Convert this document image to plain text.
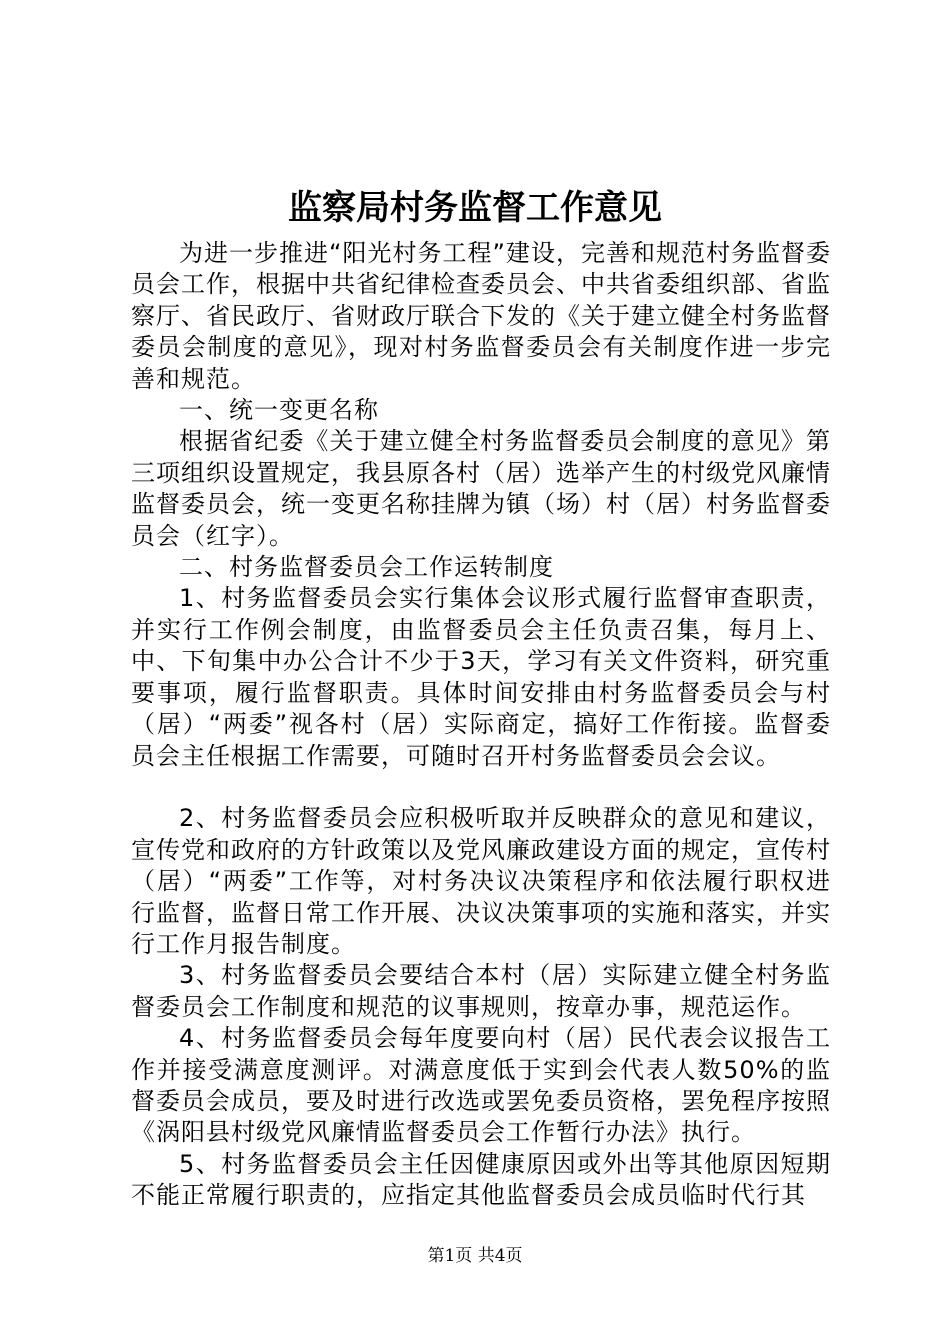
监察局村务监督工作意见

为进一步推进“阳光村务工程”建设，完善和规范村务监督委员会工作，根据中共省纪律检查委员会、中共省委组织部、省监察厅、省民政厅、省财政厅联合下发的《关于建立健全村务监督委员会制度的意见》，现对村务监督委员会有关制度作进一步完善和规范。

一、统一变更名称

根据省纪委《关于建立健全村务监督委员会制度的意见》第三项组织设置规定，我县原各村（居）选举产生的村级党风廉情监督委员会，统一变更名称挂牌为镇（场）村（居）村务监督委员会（红字）。

二、村务监督委员会工作运转制度

1、村务监督委员会实行集体会议形式履行监督审查职责，并实行工作例会制度，由监督委员会主任负责召集，每月上、中、下旬集中办公合计不少于3天，学习有关文件资料，研究重要事项，履行监督职责。具体时间安排由村务监督委员会与村（居）“两委”视各村（居）实际商定，搞好工作衔接。监督委员会主任根据工作需要，可随时召开村务监督委员会会议。

2、村务监督委员会应积极听取并反映群众的意见和建议，宣传党和政府的方针政策以及党风廉政建设方面的规定，宣传村（居）“两委”工作等，对村务决议决策程序和依法履行职权进行监督，监督日常工作开展、决议决策事项的实施和落实，并实行工作月报告制度。

3、村务监督委员会要结合本村（居）实际建立健全村务监督委员会工作制度和规范的议事规则，按章办事，规范运作。

4、村务监督委员会每年度要向村（居）民代表会议报告工作并接受满意度测评。对满意度低于实到会代表人数50%的监督委员会成员，要及时进行改选或罢免委员资格，罢免程序按照《涡阳县村级党风廉情监督委员会工作暂行办法》执行。

5、村务监督委员会主任因健康原因或外出等其他原因短期不能正常履行职责的，应指定其他监督委员会成员临时代行其

第1页 共4页
